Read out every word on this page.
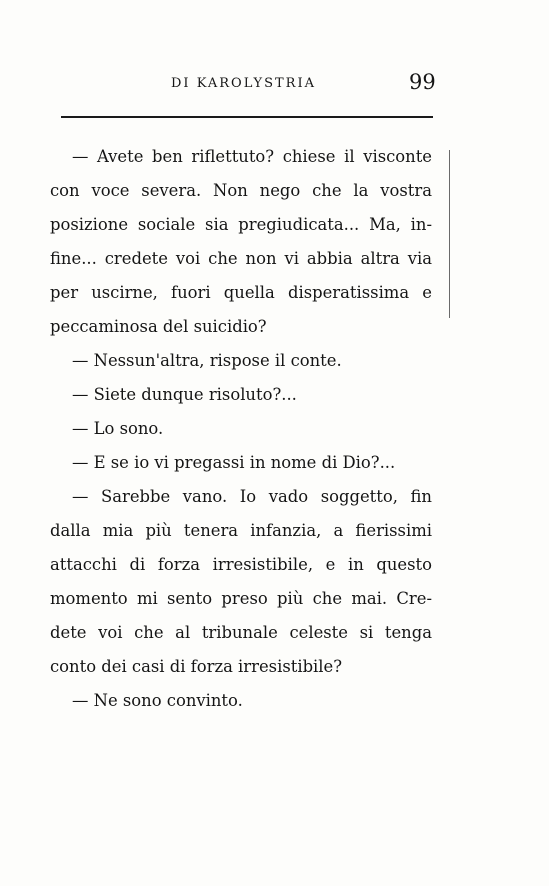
DI KAROLYSTRIA	99
— Avete ben riflettuto? chiese il visconte
con voce severa. Non nego che la vostra
posizione sociale sia pregiudicata... Ma, in-
fine... credete voi che non vi abbia altra via
per uscirne, fuori quella disperatissima e
peccaminosa del suicidio?
— Nessun'altra, rispose il conte.
— Siete dunque risoluto?...
— Lo sono.
— E se io vi pregassi in nome di Dio?...
— Sarebbe vano. Io vado soggetto, fin
dalla mia più tenera infanzia, a fierissimi
attacchi di forza irresistibile, e in questo
momento mi sento preso più che mai. Cre-
dete voi che al tribunale celeste si tenga
conto dei casi di forza irresistibile?
— Ne sono convinto.
